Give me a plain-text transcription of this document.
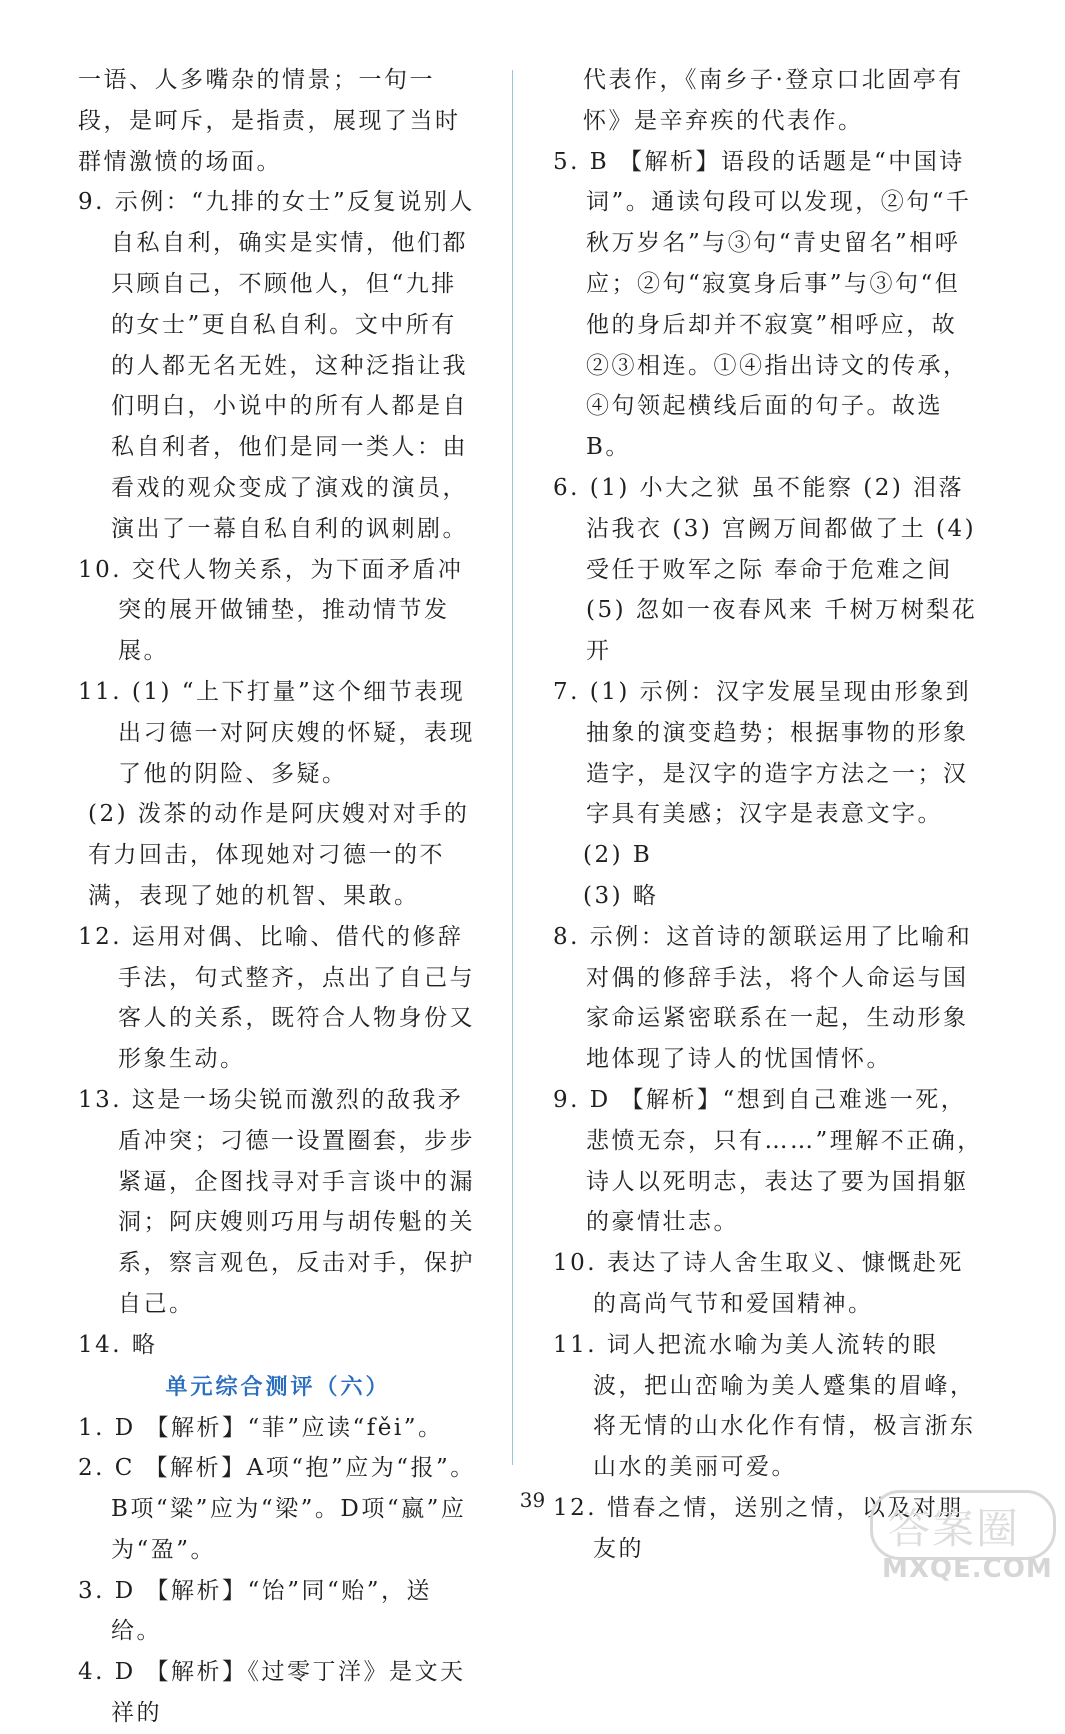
一语、人多嘴杂的情景；一句一段，是呵斥，是指责，展现了当时群情激愤的场面。

9. 示例：“九排的女士”反复说别人自私自利，确实是实情，他们都只顾自己，不顾他人，但“九排的女士”更自私自利。文中所有的人都无名无姓，这种泛指让我们明白，小说中的所有人都是自私自利者，他们是同一类人：由看戏的观众变成了演戏的演员，演出了一幕自私自利的讽刺剧。

10. 交代人物关系，为下面矛盾冲突的展开做铺垫，推动情节发展。

11. (1) “上下打量”这个细节表现出刁德一对阿庆嫂的怀疑，表现了他的阴险、多疑。

(2) 泼茶的动作是阿庆嫂对对手的有力回击，体现她对刁德一的不满，表现了她的机智、果敢。

12. 运用对偶、比喻、借代的修辞手法，句式整齐，点出了自己与客人的关系，既符合人物身份又形象生动。

13. 这是一场尖锐而激烈的敌我矛盾冲突；刁德一设置圈套，步步紧逼，企图找寻对手言谈中的漏洞；阿庆嫂则巧用与胡传魁的关系，察言观色，反击对手，保护自己。

14. 略

单元综合测评（六）

1. D 【解析】“菲”应读“fěi”。

2. C 【解析】A项“抱”应为“报”。B项“粱”应为“梁”。D项“嬴”应为“盈”。

3. D 【解析】“饴”同“贻”，送给。

4. D 【解析】《过零丁洋》是文天祥的

代表作，《南乡子·登京口北固亭有怀》是辛弃疾的代表作。

5. B 【解析】语段的话题是“中国诗词”。通读句段可以发现，②句“千秋万岁名”与③句“青史留名”相呼应；②句“寂寞身后事”与③句“但他的身后却并不寂寞”相呼应，故②③相连。①④指出诗文的传承，④句领起横线后面的句子。故选B。

6. (1) 小大之狱 虽不能察 (2) 泪落沾我衣 (3) 宫阙万间都做了土 (4) 受任于败军之际 奉命于危难之间 (5) 忽如一夜春风来 千树万树梨花开

7. (1) 示例：汉字发展呈现由形象到抽象的演变趋势；根据事物的形象造字，是汉字的造字方法之一；汉字具有美感；汉字是表意文字。

(2) B

(3) 略

8. 示例：这首诗的颔联运用了比喻和对偶的修辞手法，将个人命运与国家命运紧密联系在一起，生动形象地体现了诗人的忧国情怀。

9. D 【解析】“想到自己难逃一死，悲愤无奈，只有……”理解不正确，诗人以死明志，表达了要为国捐躯的豪情壮志。

10. 表达了诗人舍生取义、慷慨赴死的高尚气节和爱国精神。

11. 词人把流水喻为美人流转的眼波，把山峦喻为美人蹙集的眉峰，将无情的山水化作有情，极言浙东山水的美丽可爱。

12. 惜春之情，送别之情，以及对朋友的

39
答案圈
MXQE.COM
